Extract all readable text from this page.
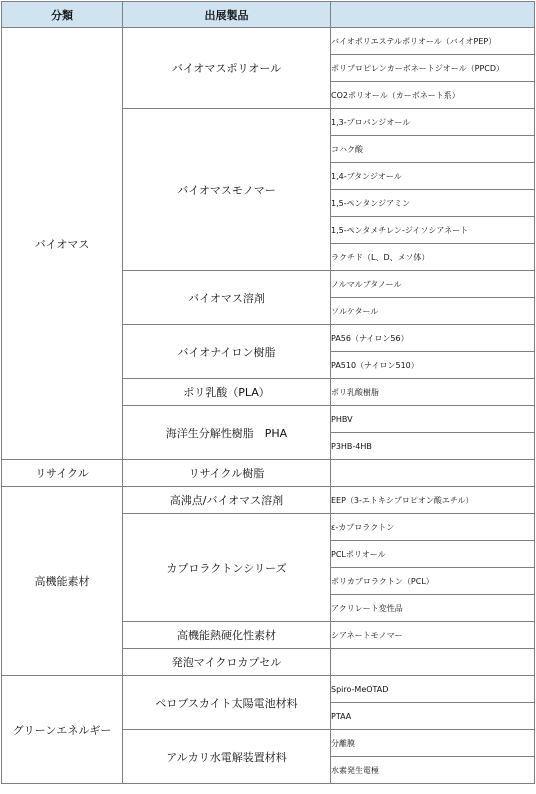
分類	出展製品	
バイオマス	バイオマスポリオール	バイオポリエステルポリオール（バイオPEP）
		ポリプロピレンカーボネートジオール（PPCD）
		CO2ポリオール（カーボネート系）
	バイオマスモノマー	1,3-プロパンジオール
		コハク酸
		1,4-ブタンジオール
		1,5-ペンタンジアミン
		1,5-ペンタメチレン-ジイソシアネート
		ラクチド（L、D、メソ体）
	バイオマス溶剤	ノルマルブタノール
		ソルケタール
	バイオナイロン樹脂	PA56（ナイロン56）
		PA510（ナイロン510）
	ポリ乳酸（PLA）	ポリ乳酸樹脂
	海洋生分解性樹脂　PHA	PHBV
		P3HB-4HB
リサイクル	リサイクル樹脂	
高機能素材	高沸点/バイオマス溶剤	EEP（3-エトキシプロピオン酸エチル）
	カプロラクトンシリーズ	ε-カプロラクトン
		PCLポリオール
		ポリカプロラクトン（PCL）
		アクリレート変性品
	高機能熱硬化性素材	シアネートモノマー
	発泡マイクロカプセル	
グリーンエネルギー	ペロブスカイト太陽電池材料	Spiro-MeOTAD
		PTAA
	アルカリ水電解装置材料	分離膜
		水素発生電極
